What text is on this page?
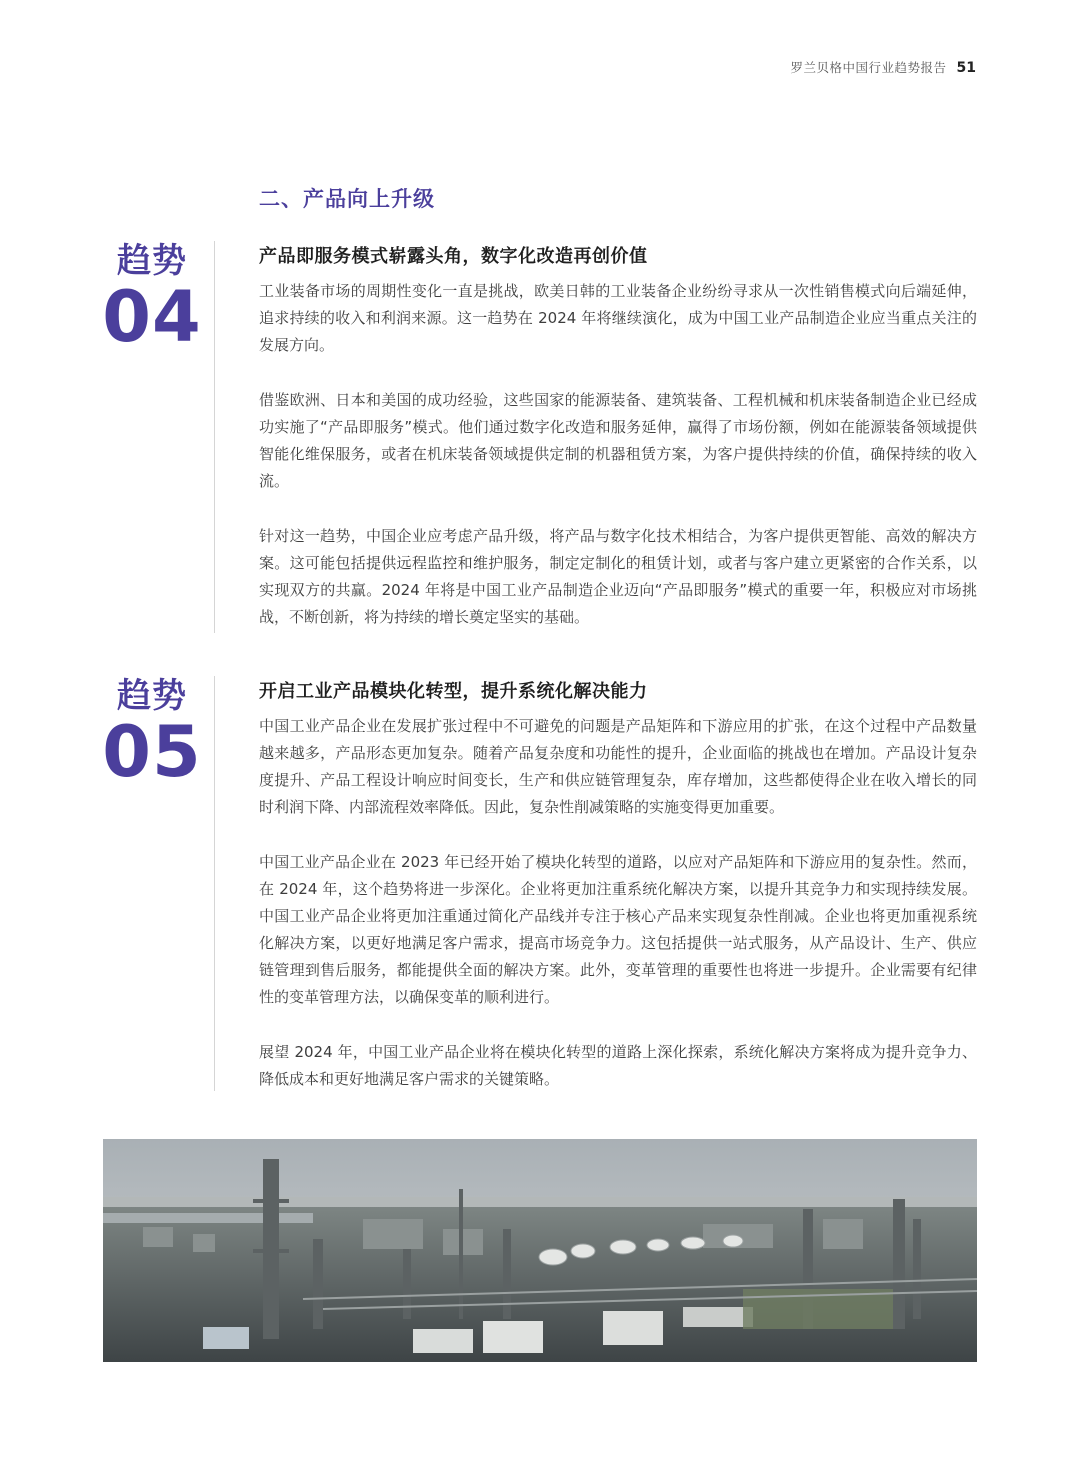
罗兰贝格中国行业趋势报告 51
二、产品向上升级
趋势
04
产品即服务模式崭露头角，数字化改造再创价值
工业装备市场的周期性变化一直是挑战，欧美日韩的工业装备企业纷纷寻求从一次性销售模式向后端延伸，追求持续的收入和利润来源。这一趋势在 2024 年将继续演化，成为中国工业产品制造企业应当重点关注的发展方向。
借鉴欧洲、日本和美国的成功经验，这些国家的能源装备、建筑装备、工程机械和机床装备制造企业已经成功实施了“产品即服务”模式。他们通过数字化改造和服务延伸，赢得了市场份额，例如在能源装备领域提供智能化维保服务，或者在机床装备领域提供定制的机器租赁方案，为客户提供持续的价值，确保持续的收入流。
针对这一趋势，中国企业应考虑产品升级，将产品与数字化技术相结合，为客户提供更智能、高效的解决方案。这可能包括提供远程监控和维护服务，制定定制化的租赁计划，或者与客户建立更紧密的合作关系，以实现双方的共赢。2024 年将是中国工业产品制造企业迈向“产品即服务”模式的重要一年，积极应对市场挑战，不断创新，将为持续的增长奠定坚实的基础。
趋势
05
开启工业产品模块化转型，提升系统化解决能力
中国工业产品企业在发展扩张过程中不可避免的问题是产品矩阵和下游应用的扩张，在这个过程中产品数量越来越多，产品形态更加复杂。随着产品复杂度和功能性的提升，企业面临的挑战也在增加。产品设计复杂度提升、产品工程设计响应时间变长，生产和供应链管理复杂，库存增加，这些都使得企业在收入增长的同时利润下降、内部流程效率降低。因此，复杂性削减策略的实施变得更加重要。
中国工业产品企业在 2023 年已经开始了模块化转型的道路，以应对产品矩阵和下游应用的复杂性。然而，在 2024 年，这个趋势将进一步深化。企业将更加注重系统化解决方案，以提升其竞争力和实现持续发展。中国工业产品企业将更加注重通过简化产品线并专注于核心产品来实现复杂性削减。企业也将更加重视系统化解决方案，以更好地满足客户需求，提高市场竞争力。这包括提供一站式服务，从产品设计、生产、供应链管理到售后服务，都能提供全面的解决方案。此外，变革管理的重要性也将进一步提升。企业需要有纪律性的变革管理方法，以确保变革的顺利进行。
展望 2024 年，中国工业产品企业将在模块化转型的道路上深化探索，系统化解决方案将成为提升竞争力、降低成本和更好地满足客户需求的关键策略。
